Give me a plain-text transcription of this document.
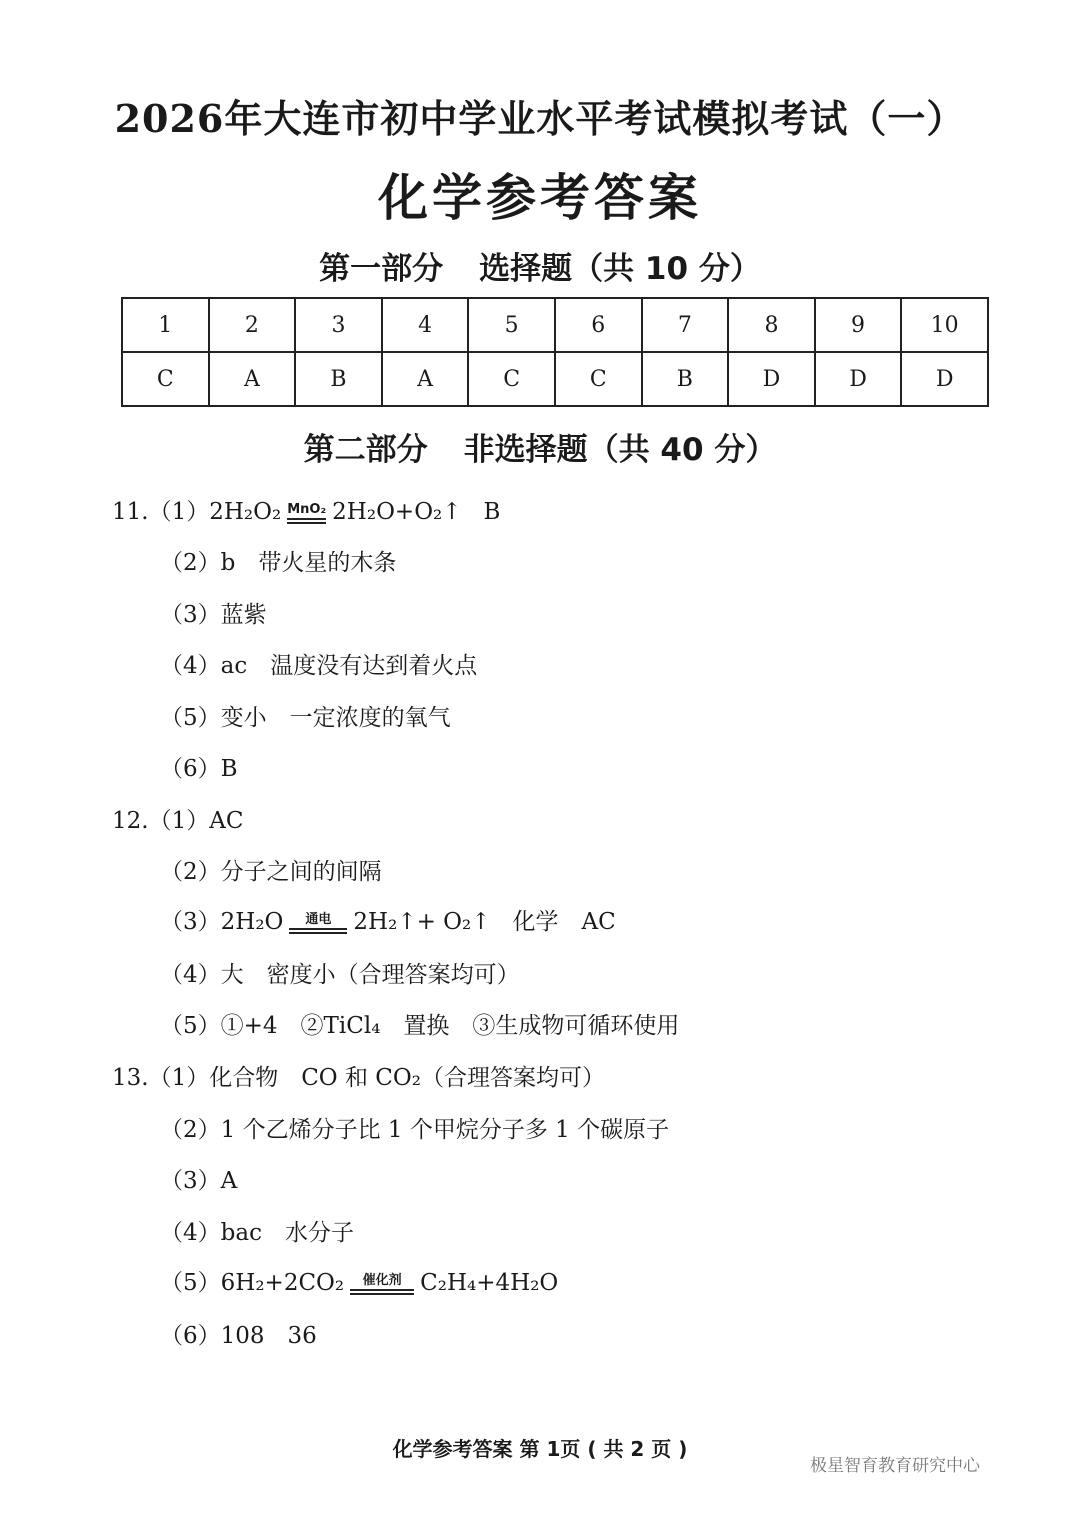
2026年大连市初中学业水平考试模拟考试（一）
化学参考答案
第一部分 选择题（共 10 分）
1	2	3	4	5	6	7	8	9	10
C	A	B	A	C	C	B	D	D	D
第二部分 非选择题（共 40 分）
11.（1）2H₂O₂ MnO₂ 2H₂O+O₂↑ B
（2）b　带火星的木条
（3）蓝紫
（4）ac　温度没有达到着火点
（5）变小　一定浓度的氧气
（6）B
12.（1）AC
（2）分子之间的间隔
（3）2H₂O	通电 2H₂↑+ O₂↑ 化学　AC
（4）大　密度小（合理答案均可）
（5）①+4　②TiCl₄　置换　③生成物可循环使用
13.（1）化合物　CO 和 CO₂（合理答案均可）
（2）1 个乙烯分子比 1 个甲烷分子多 1 个碳原子
（3）A
（4）bac　水分子
（5）6H₂+2CO₂	催化剂 C₂H₄+4H₂O
（6）108　36
化学参考答案 第 1页 ( 共 2 页 )
极星智育教育研究中心
